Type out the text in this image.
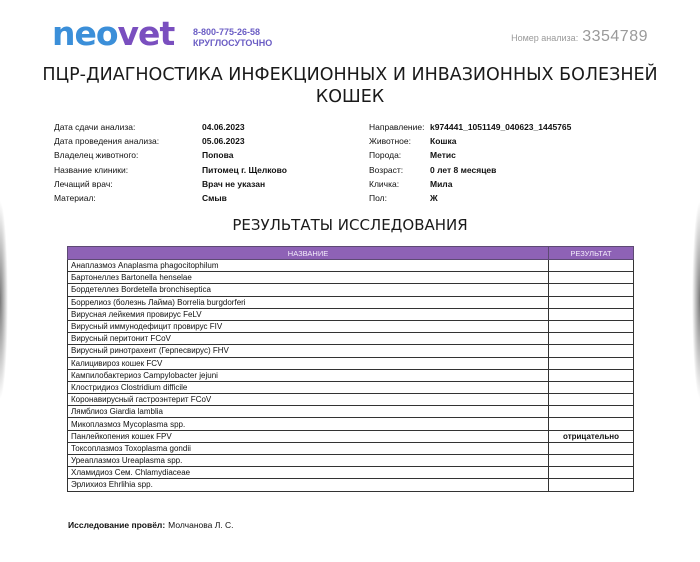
neovet 8-800-775-26-58
КРУГЛОСУТОЧНО	Номер анализа: 3354789
ПЦР-ДИАГНОСТИКА ИНФЕКЦИОННЫХ И ИНВАЗИОННЫХ БОЛЕЗНЕЙ КОШЕК
Дата сдачи анализа:	04.06.2023
Дата проведения анализа:	05.06.2023
Владелец животного:	Попова
Название клиники:	Питомец г. Щелково
Лечащий врач:	Врач не указан
Материал:	Смыв
Направление: k974441_1051149_040623_1445765
Животное: Кошка
Порода:	Метис
Возраст:	0 лет 8 месяцев
Кличка:	Мила
Пол:	Ж
РЕЗУЛЬТАТЫ ИССЛЕДОВАНИЯ
НАЗВАНИЕ	РЕЗУЛЬТАТ
Анаплазмоз Anaplasma phagocitophilum	
Бартонеллез Bartonella henselae	
Бордетеллез Bordetella bronchiseptica	
Боррелиоз (болезнь Лайма) Borrelia burgdorferi	
Вирусная лейкемия провирус FeLV	
Вирусный иммунодефицит провирус FIV	
Вирусный перитонит FCoV	
Вирусный ринотрахеит (Герпесвирус) FHV	
Калицивироз кошек FCV	
Кампилобактериоз Campylobacter jejuni	
Клостридиоз Clostridium difficile	
Коронавирусный гастроэнтерит FCoV	
Лямблиоз Giardia lamblia	
Микоплазмоз Mycoplasma spp.	
Панлейкопения кошек FPV	отрицательно
Токсоплазмоз Toxoplasma gondii	
Уреаплазмоз Ureaplasma spp.	
Хламидиоз Сем. Chlamydiaceae	
Эрлихиоз Ehrlihia spp.	
Исследование провёл: Молчанова Л. С.
